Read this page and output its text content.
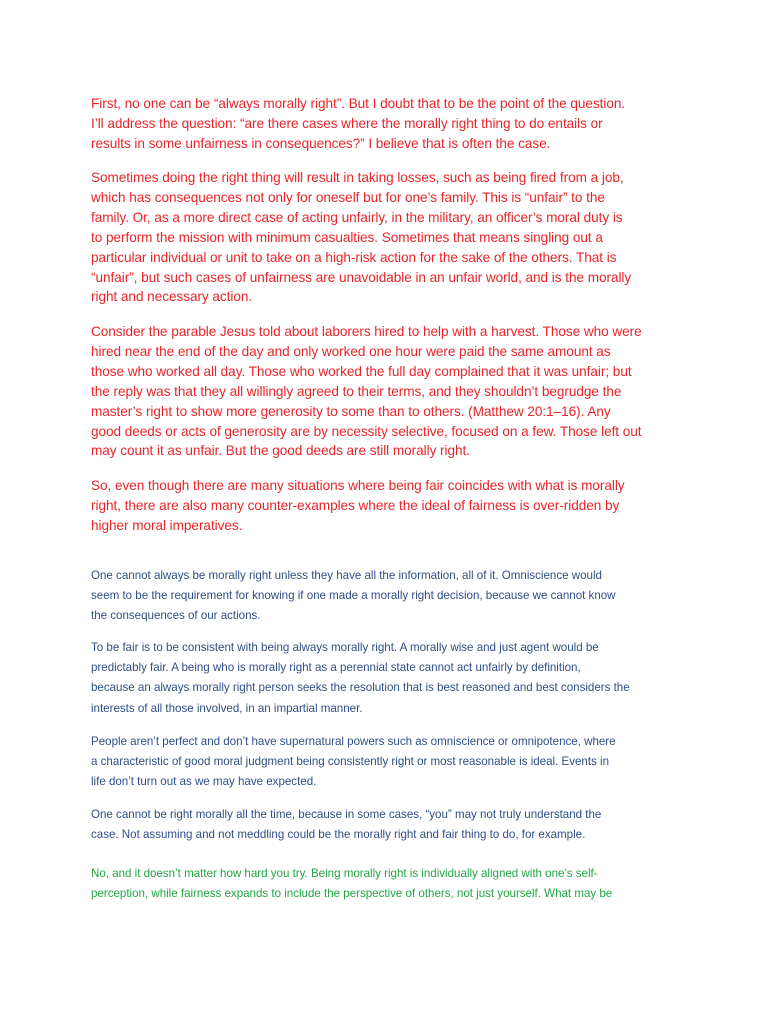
First, no one can be “always morally right”. But I doubt that to be the point of the question.
I’ll address the question: “are there cases where the morally right thing to do entails or
results in some unfairness in consequences?” I believe that is often the case.

Sometimes doing the right thing will result in taking losses, such as being fired from a job,
which has consequences not only for oneself but for one’s family. This is “unfair” to the
family. Or, as a more direct case of acting unfairly, in the military, an officer’s moral duty is
to perform the mission with minimum casualties. Sometimes that means singling out a
particular individual or unit to take on a high-risk action for the sake of the others. That is
“unfair”, but such cases of unfairness are unavoidable in an unfair world, and is the morally
right and necessary action.

Consider the parable Jesus told about laborers hired to help with a harvest. Those who were
hired near the end of the day and only worked one hour were paid the same amount as
those who worked all day. Those who worked the full day complained that it was unfair; but
the reply was that they all willingly agreed to their terms, and they shouldn’t begrudge the
master’s right to show more generosity to some than to others. (Matthew 20:1–16). Any
good deeds or acts of generosity are by necessity selective, focused on a few. Those left out
may count it as unfair. But the good deeds are still morally right.

So, even though there are many situations where being fair coincides with what is morally
right, there are also many counter-examples where the ideal of fairness is over-ridden by
higher moral imperatives.

One cannot always be morally right unless they have all the information, all of it. Omniscience would
seem to be the requirement for knowing if one made a morally right decision, because we cannot know
the consequences of our actions.

To be fair is to be consistent with being always morally right. A morally wise and just agent would be
predictably fair. A being who is morally right as a perennial state cannot act unfairly by definition,
because an always morally right person seeks the resolution that is best reasoned and best considers the
interests of all those involved, in an impartial manner.

People aren’t perfect and don’t have supernatural powers such as omniscience or omnipotence, where
a characteristic of good moral judgment being consistently right or most reasonable is ideal. Events in
life don’t turn out as we may have expected.

One cannot be right morally all the time, because in some cases, “you” may not truly understand the
case. Not assuming and not meddling could be the morally right and fair thing to do, for example.

No, and it doesn’t matter how hard you try. Being morally right is individually aligned with one’s self-
perception, while fairness expands to include the perspective of others, not just yourself. What may be
